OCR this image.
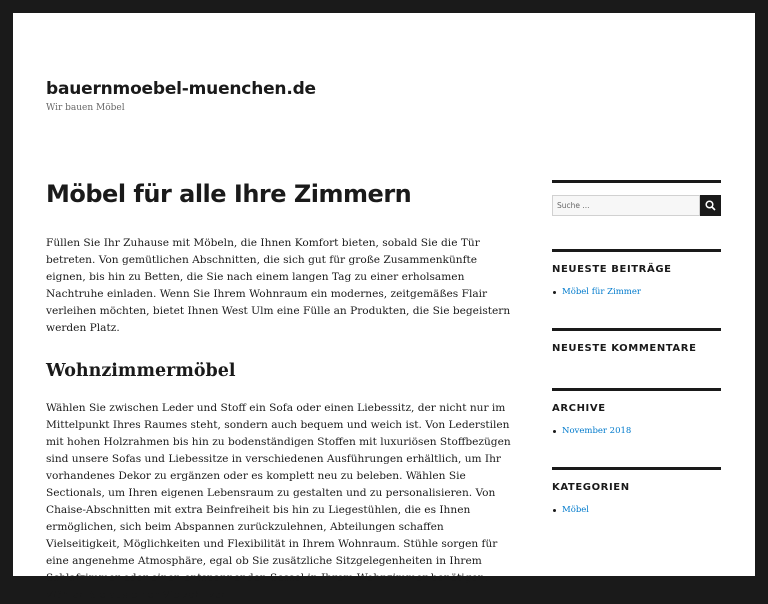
bauernmoebel-muenchen.de
Wir bauen Möbel
Möbel für alle Ihre Zimmern

Füllen Sie Ihr Zuhause mit Möbeln, die Ihnen Komfort bieten, sobald Sie die Tür betreten. Von gemütlichen Abschnitten, die sich gut für große Zusammenkünfte eignen, bis hin zu Betten, die Sie nach einem langen Tag zu einer erholsamen Nachtruhe einladen. Wenn Sie Ihrem Wohnraum ein modernes, zeitgemäßes Flair verleihen möchten, bietet Ihnen West Ulm eine Fülle an Produkten, die Sie begeistern werden Platz.

Wohnzimmermöbel

Wählen Sie zwischen Leder und Stoff ein Sofa oder einen Liebessitz, der nicht nur im Mittelpunkt Ihres Raumes steht, sondern auch bequem und weich ist. Von Lederstilen mit hohen Holzrahmen bis hin zu bodenständigen Stoffen mit luxuriösen Stoffbezügen sind unsere Sofas und Liebessitze in verschiedenen Ausführungen erhältlich, um Ihr vorhandenes Dekor zu ergänzen oder es komplett neu zu beleben. Wählen Sie Sectionals, um Ihren eigenen Lebensraum zu gestalten und zu personalisieren. Von Chaise-Abschnitten mit extra Beinfreiheit bis hin zu Liegestühlen, die es Ihnen ermöglichen, sich beim Abspannen zurückzulehnen, Abteilungen schaffen Vielseitigkeit, Möglichkeiten und Flexibilität in Ihrem Wohnraum. Stühle sorgen für eine angenehme Atmosphäre, egal ob Sie zusätzliche Sitzgelegenheiten in Ihrem Schlafzimmer oder einen entspannenden Sessel in Ihrem Wohnzimmer benötigen. Wählen Sie aus einer Vielzahl von

Suche ...
NEUESTE BEITRÄGE
Möbel für Zimmer
NEUESTE KOMMENTARE
ARCHIVE
November 2018
KATEGORIEN
Möbel
